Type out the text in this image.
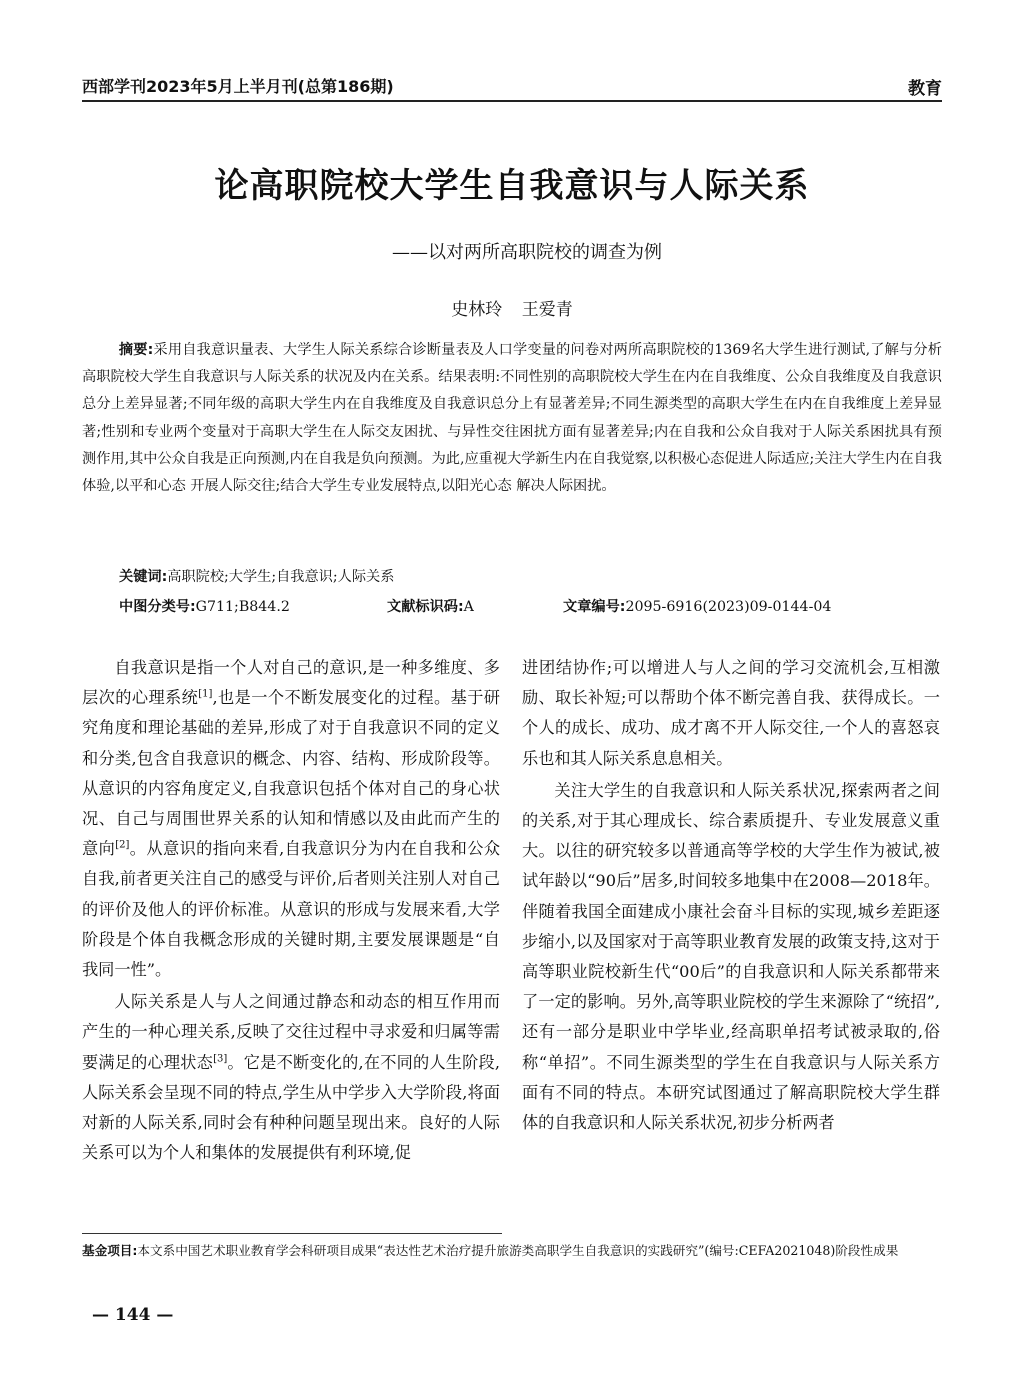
西部学刊2023年5月上半月刊(总第186期)	教育
论高职院校大学生自我意识与人际关系
——以对两所高职院校的调查为例
史林玲 王爱青
摘要:采用自我意识量表、大学生人际关系综合诊断量表及人口学变量的问卷对两所高职院校的1369名大学生进行测试,了解与分析高职院校大学生自我意识与人际关系的状况及内在关系。结果表明:不同性别的高职院校大学生在内在自我维度、公众自我维度及自我意识总分上差异显著;不同年级的高职大学生内在自我维度及自我意识总分上有显著差异;不同生源类型的高职大学生在内在自我维度上差异显著;性别和专业两个变量对于高职大学生在人际交友困扰、与异性交往困扰方面有显著差异;内在自我和公众自我对于人际关系困扰具有预测作用,其中公众自我是正向预测,内在自我是负向预测。为此,应重视大学新生内在自我觉察,以积极心态促进人际适应;关注大学生内在自我体验,以平和心态 开展人际交往;结合大学生专业发展特点,以阳光心态 解决人际困扰。
关键词:高职院校;大学生;自我意识;人际关系
中图分类号:G711;B844.2	文献标识码:A	文章编号:2095-6916(2023)09-0144-04

自我意识是指一个人对自己的意识,是一种多维度、多层次的心理系统[1],也是一个不断发展变化的过程。基于研究角度和理论基础的差异,形成了对于自我意识不同的定义和分类,包含自我意识的概念、内容、结构、形成阶段等。从意识的内容角度定义,自我意识包括个体对自己的身心状况、自己与周围世界关系的认知和情感以及由此而产生的意向[2]。从意识的指向来看,自我意识分为内在自我和公众自我,前者更关注自己的感受与评价,后者则关注别人对自己的评价及他人的评价标准。从意识的形成与发展来看,大学阶段是个体自我概念形成的关键时期,主要发展课题是“自我同一性”。

人际关系是人与人之间通过静态和动态的相互作用而产生的一种心理关系,反映了交往过程中寻求爱和归属等需要满足的心理状态[3]。它是不断变化的,在不同的人生阶段,人际关系会呈现不同的特点,学生从中学步入大学阶段,将面对新的人际关系,同时会有种种问题呈现出来。良好的人际关系可以为个人和集体的发展提供有利环境,促

进团结协作;可以增进人与人之间的学习交流机会,互相激励、取长补短;可以帮助个体不断完善自我、获得成长。一个人的成长、成功、成才离不开人际交往,一个人的喜怒哀乐也和其人际关系息息相关。

关注大学生的自我意识和人际关系状况,探索两者之间的关系,对于其心理成长、综合素质提升、专业发展意义重大。以往的研究较多以普通高等学校的大学生作为被试,被试年龄以“90后”居多,时间较多地集中在2008—2018年。伴随着我国全面建成小康社会奋斗目标的实现,城乡差距逐步缩小,以及国家对于高等职业教育发展的政策支持,这对于高等职业院校新生代“00后”的自我意识和人际关系都带来了一定的影响。另外,高等职业院校的学生来源除了“统招”,还有一部分是职业中学毕业,经高职单招考试被录取的,俗称“单招”。不同生源类型的学生在自我意识与人际关系方面有不同的特点。本研究试图通过了解高职院校大学生群体的自我意识和人际关系状况,初步分析两者

基金项目:本文系中国艺术职业教育学会科研项目成果“表达性艺术治疗提升旅游类高职学生自我意识的实践研究”(编号:CEFA2021048)阶段性成果
— 144 —
